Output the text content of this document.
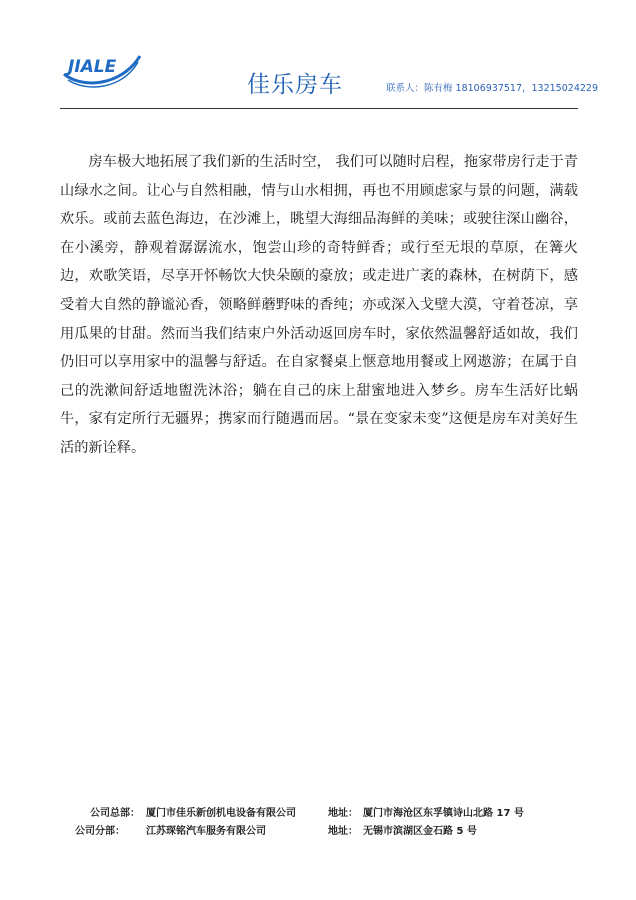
JIALE
佳乐房车	联系人：陈有梅 18106937517，13215024229

房车极大地拓展了我们新的生活时空， 我们可以随时启程，拖家带房行走于青山绿水之间。让心与自然相融，情与山水相拥，再也不用顾虑家与景的问题，满载欢乐。或前去蓝色海边，在沙滩上，眺望大海细品海鲜的美味；或驶往深山幽谷，在小溪旁，静观着潺潺流水，饱尝山珍的奇特鲜香；或行至无垠的草原，在篝火边，欢歌笑语，尽享开怀畅饮大快朵颐的豪放；或走进广袤的森林，在树荫下，感受着大自然的静谧沁香，领略鲜蘑野味的香纯；亦或深入戈壁大漠，守着苍凉，享用瓜果的甘甜。然而当我们结束户外活动返回房车时，家依然温馨舒适如故，我们仍旧可以享用家中的温馨与舒适。在自家餐桌上惬意地用餐或上网遨游；在属于自己的洗漱间舒适地盥洗沐浴；躺在自己的床上甜蜜地进入梦乡。房车生活好比蜗牛，家有定所行无疆界；携家而行随遇而居。“景在变家未变”这便是房车对美好生活的新诠释。

公司总部： 厦门市佳乐新创机电设备有限公司	地址： 厦门市海沧区东孚镇诗山北路 17 号
公司分部： 江苏琛铭汽车服务有限公司	地址： 无锡市滨湖区金石路 5 号
